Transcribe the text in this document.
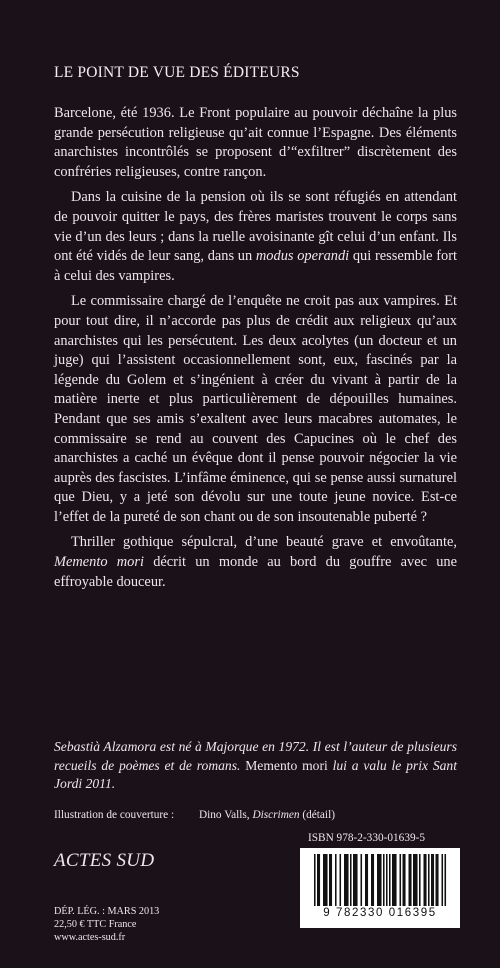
LE POINT DE VUE DES ÉDITEURS

Barcelone, été 1936. Le Front populaire au pouvoir déchaîne la plus grande persécution religieuse qu’ait connue l’Espagne. Des éléments anarchistes incontrôlés se proposent d’“exfiltrer” discrètement des confréries religieuses, contre rançon.

Dans la cuisine de la pension où ils se sont réfugiés en attendant de pouvoir quitter le pays, des frères maristes trouvent le corps sans vie d’un des leurs ; dans la ruelle avoisinante gît celui d’un enfant. Ils ont été vidés de leur sang, dans un modus operandi qui ressemble fort à celui des vampires.

Le commissaire chargé de l’enquête ne croit pas aux vampires. Et pour tout dire, il n’accorde pas plus de crédit aux religieux qu’aux anarchistes qui les persécutent. Les deux acolytes (un docteur et un juge) qui l’assistent occasionnellement sont, eux, fascinés par la légende du Golem et s’ingénient à créer du vivant à partir de la matière inerte et plus particulièrement de dépouilles humaines. Pendant que ses amis s’exaltent avec leurs macabres automates, le commissaire se rend au couvent des Capucines où le chef des anarchistes a caché un évêque dont il pense pouvoir négocier la vie auprès des fascistes. L’infâme éminence, qui se pense aussi surnaturel que Dieu, y a jeté son dévolu sur une toute jeune novice. Est-ce l’effet de la pureté de son chant ou de son insoutenable puberté ?

Thriller gothique sépulcral, d’une beauté grave et envoûtante, Memento mori décrit un monde au bord du gouffre avec une effroyable douceur.

Sebastià Alzamora est né à Majorque en 1972. Il est l’auteur de plusieurs recueils de poèmes et de romans. Memento mori lui a valu le prix Sant Jordi 2011.
Illustration de couverture : Dino Valls, Discrimen (détail)
ISBN 978-2-330-01639-5
ACTES SUD
DÉP. LÉG. : MARS 2013
22,50 € TTC France
www.actes-sud.fr
9 782330 016395
